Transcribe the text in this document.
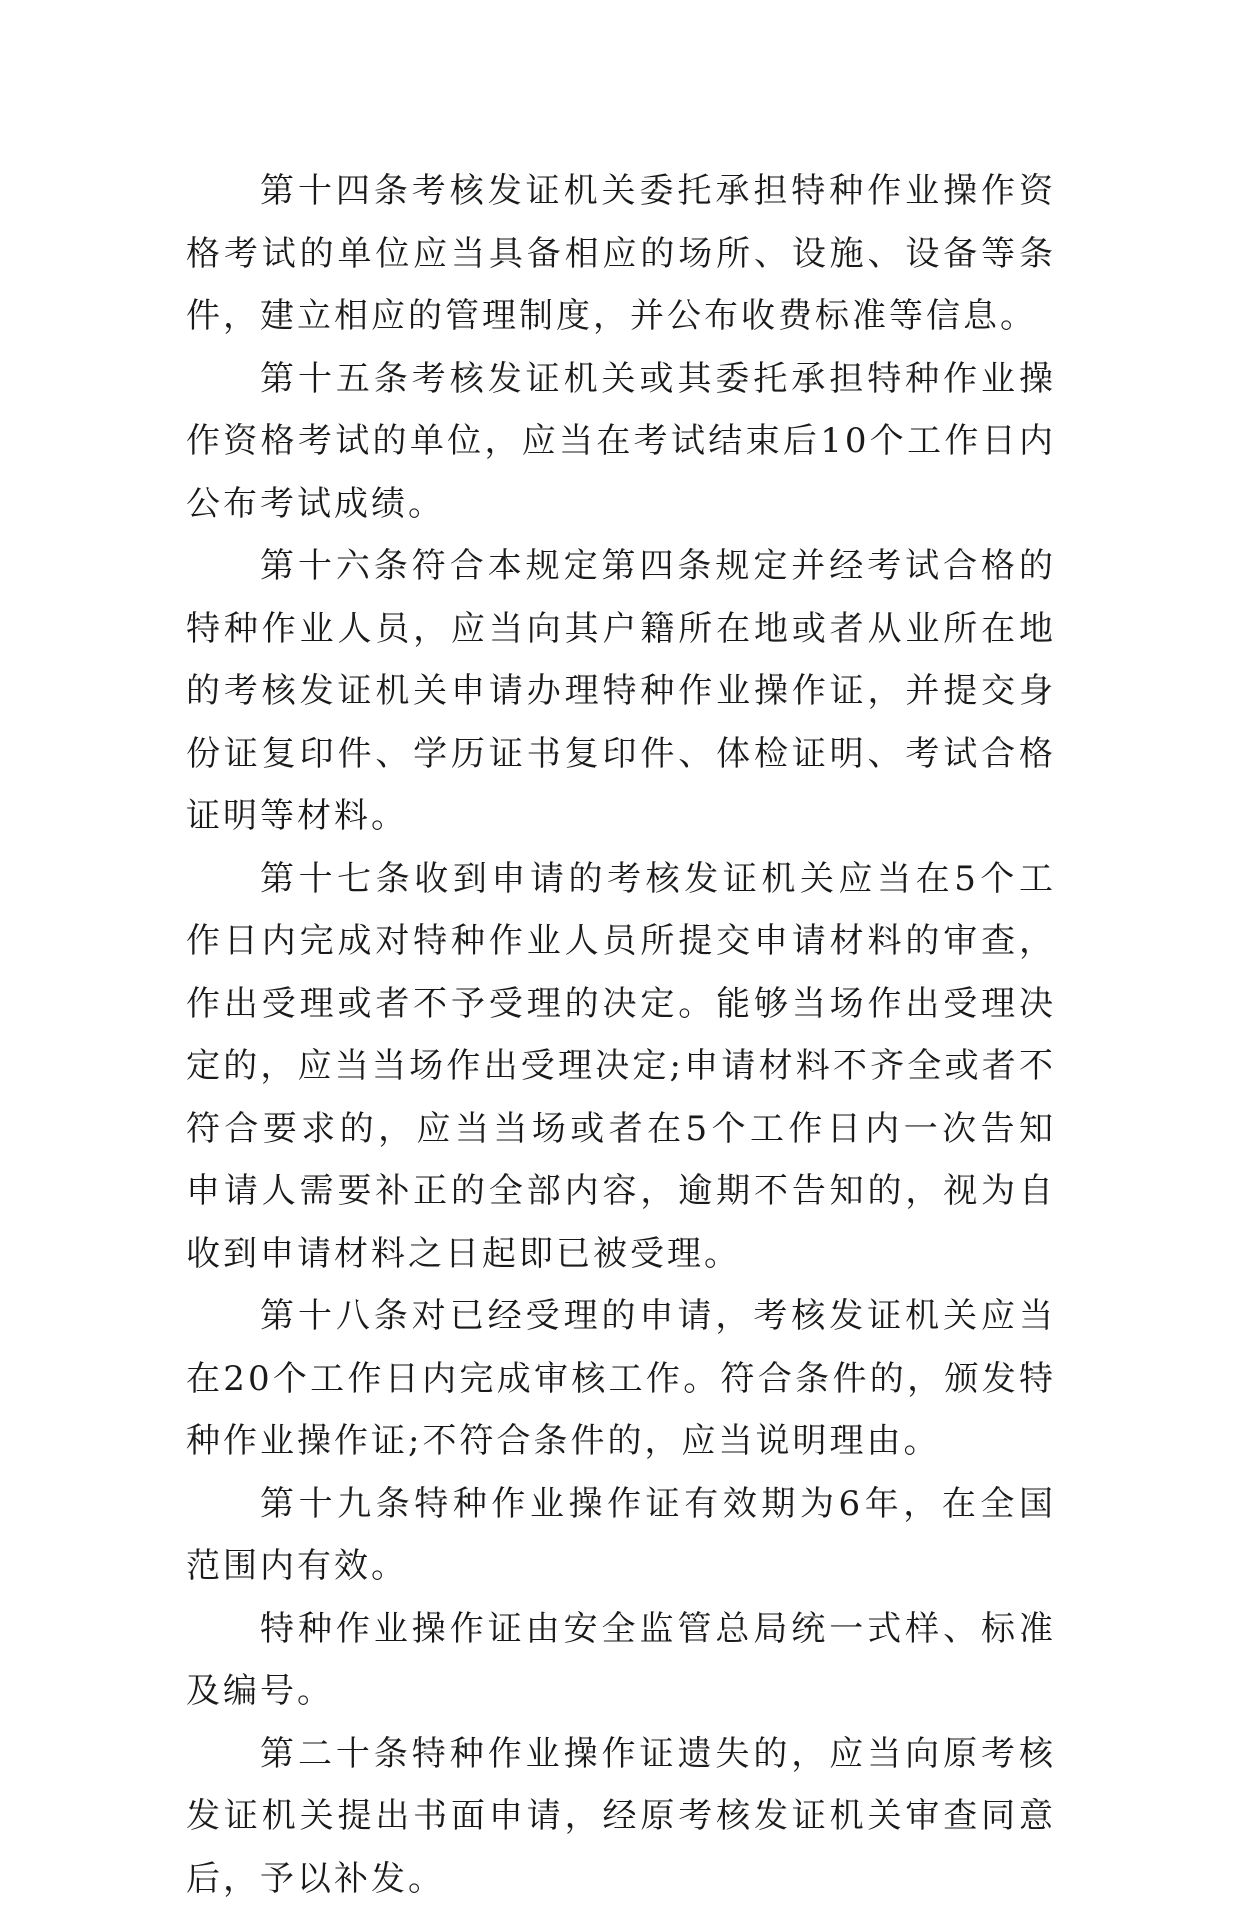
第十四条考核发证机关委托承担特种作业操作资格考试的单位应当具备相应的场所、设施、设备等条件，建立相应的管理制度，并公布收费标准等信息。

第十五条考核发证机关或其委托承担特种作业操作资格考试的单位，应当在考试结束后10个工作日内公布考试成绩。

第十六条符合本规定第四条规定并经考试合格的特种作业人员，应当向其户籍所在地或者从业所在地的考核发证机关申请办理特种作业操作证，并提交身份证复印件、学历证书复印件、体检证明、考试合格证明等材料。

第十七条收到申请的考核发证机关应当在5个工作日内完成对特种作业人员所提交申请材料的审查，作出受理或者不予受理的决定。能够当场作出受理决定的，应当当场作出受理决定;申请材料不齐全或者不符合要求的，应当当场或者在5个工作日内一次告知申请人需要补正的全部内容，逾期不告知的，视为自收到申请材料之日起即已被受理。

第十八条对已经受理的申请，考核发证机关应当在20个工作日内完成审核工作。符合条件的，颁发特种作业操作证;不符合条件的，应当说明理由。

第十九条特种作业操作证有效期为6年，在全国范围内有效。

特种作业操作证由安全监管总局统一式样、标准及编号。

第二十条特种作业操作证遗失的，应当向原考核发证机关提出书面申请，经原考核发证机关审查同意后，予以补发。
